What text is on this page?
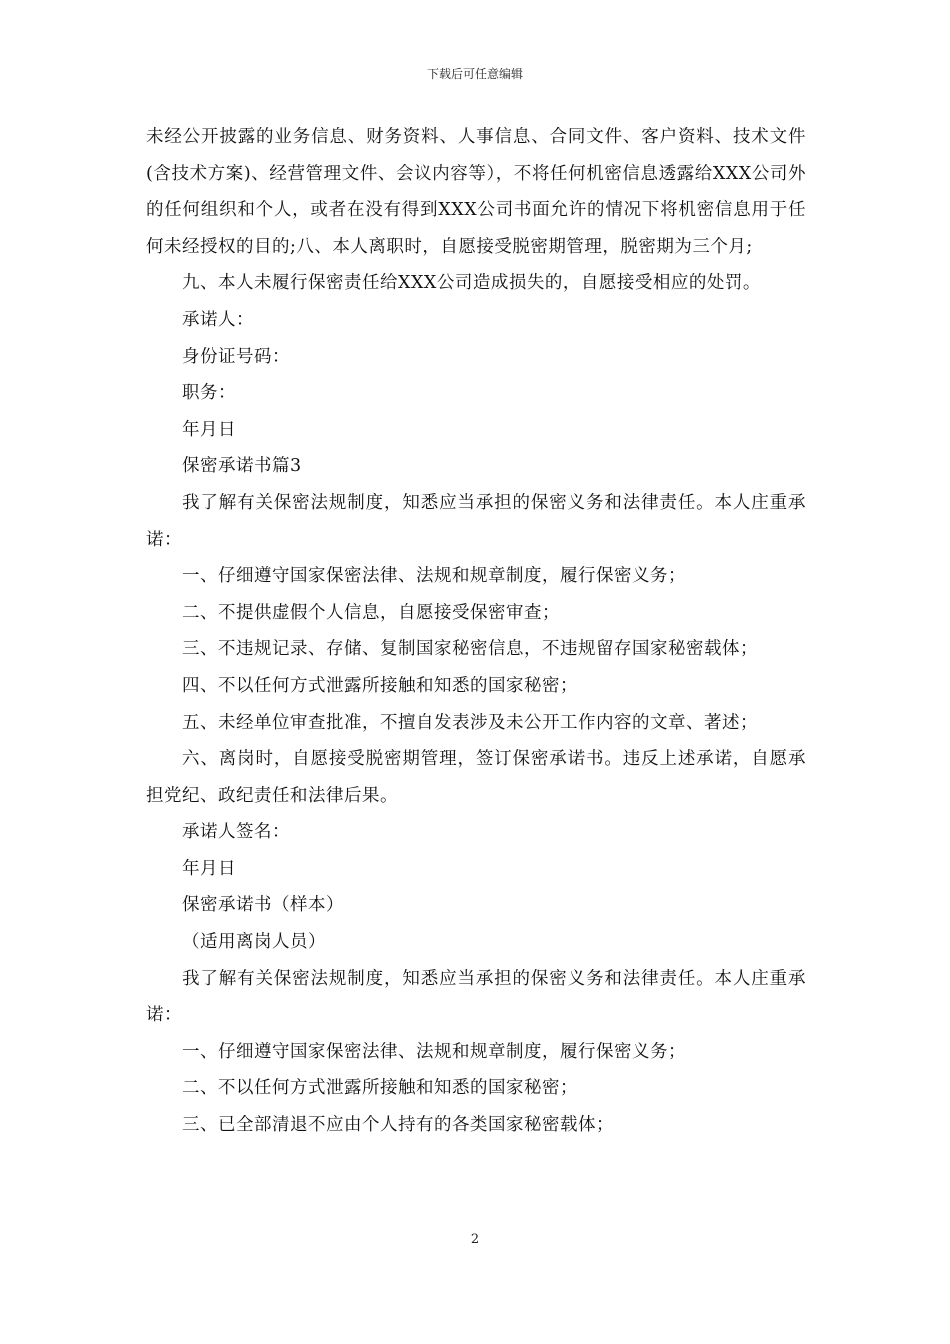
下载后可任意编辑

未经公开披露的业务信息、财务资料、人事信息、合同文件、客户资料、技术文件(含技术方案)、经营管理文件、会议内容等），不将任何机密信息透露给XXX公司外的任何组织和个人，或者在没有得到XXX公司书面允许的情况下将机密信息用于任何未经授权的目的;八、本人离职时，自愿接受脱密期管理，脱密期为三个月;

九、本人未履行保密责任给XXX公司造成损失的，自愿接受相应的处罚。

承诺人：

身份证号码：

职务：

年月日

保密承诺书篇3

我了解有关保密法规制度，知悉应当承担的保密义务和法律责任。本人庄重承诺：

一、仔细遵守国家保密法律、法规和规章制度，履行保密义务；

二、不提供虚假个人信息，自愿接受保密审查；

三、不违规记录、存储、复制国家秘密信息，不违规留存国家秘密载体；

四、不以任何方式泄露所接触和知悉的国家秘密；

五、未经单位审查批准，不擅自发表涉及未公开工作内容的文章、著述；

六、离岗时，自愿接受脱密期管理，签订保密承诺书。违反上述承诺，自愿承担党纪、政纪责任和法律后果。

承诺人签名：

年月日

保密承诺书（样本）

（适用离岗人员）

我了解有关保密法规制度，知悉应当承担的保密义务和法律责任。本人庄重承诺：

一、仔细遵守国家保密法律、法规和规章制度，履行保密义务；

二、不以任何方式泄露所接触和知悉的国家秘密；

三、已全部清退不应由个人持有的各类国家秘密载体；

2
